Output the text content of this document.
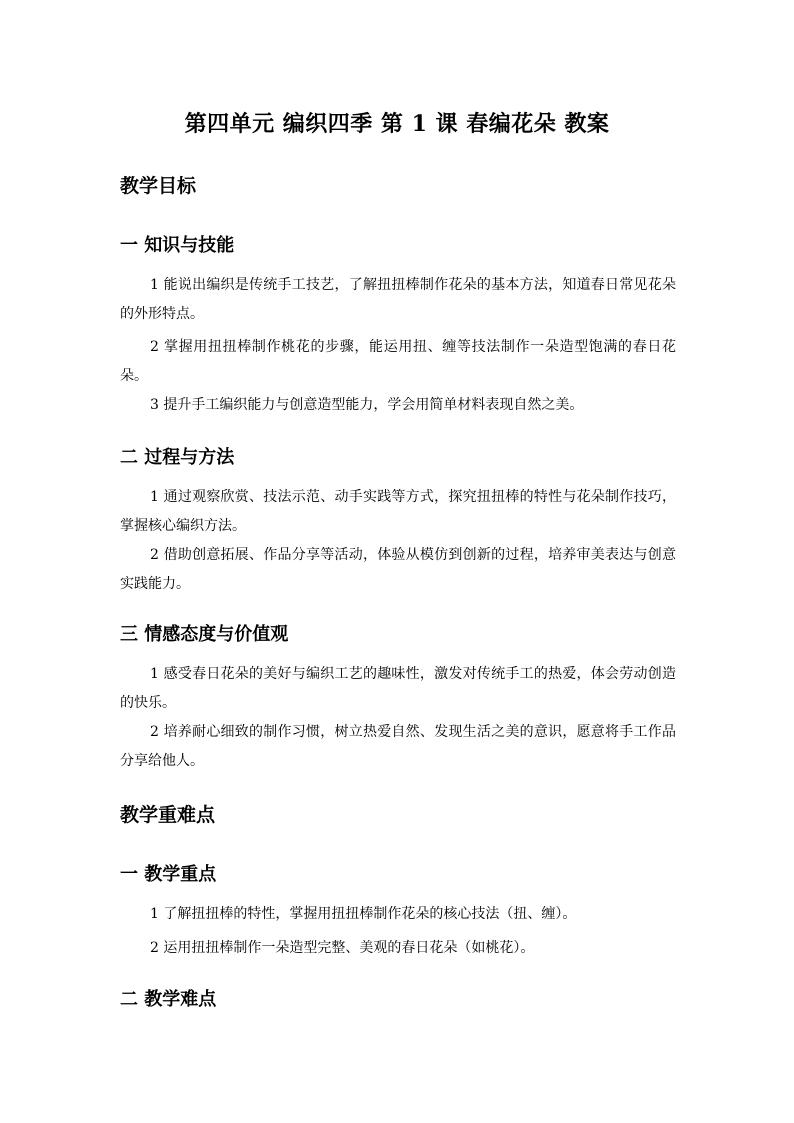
第四单元 编织四季 第 1 课 春编花朵 教案
教学目标
一 知识与技能
1 能说出编织是传统手工技艺，了解扭扭棒制作花朵的基本方法，知道春日常见花朵的外形特点。
2 掌握用扭扭棒制作桃花的步骤，能运用扭、缠等技法制作一朵造型饱满的春日花朵。
3 提升手工编织能力与创意造型能力，学会用简单材料表现自然之美。
二 过程与方法
1 通过观察欣赏、技法示范、动手实践等方式，探究扭扭棒的特性与花朵制作技巧，掌握核心编织方法。
2 借助创意拓展、作品分享等活动，体验从模仿到创新的过程，培养审美表达与创意实践能力。
三 情感态度与价值观
1 感受春日花朵的美好与编织工艺的趣味性，激发对传统手工的热爱，体会劳动创造的快乐。
2 培养耐心细致的制作习惯，树立热爱自然、发现生活之美的意识，愿意将手工作品分享给他人。
教学重难点
一 教学重点
1 了解扭扭棒的特性，掌握用扭扭棒制作花朵的核心技法（扭、缠）。
2 运用扭扭棒制作一朵造型完整、美观的春日花朵（如桃花）。
二 教学难点
